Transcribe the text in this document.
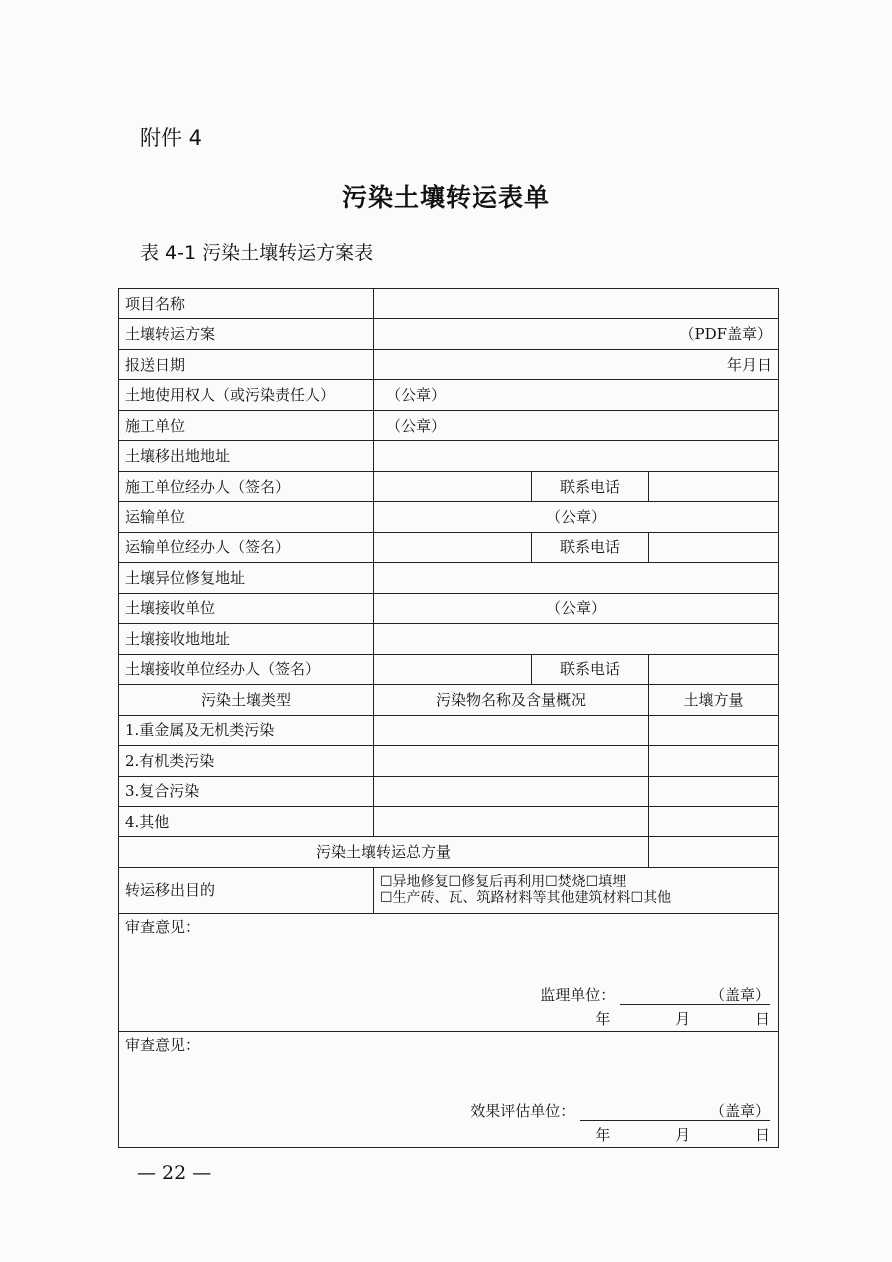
附件 4
污染土壤转运表单
表 4-1 污染土壤转运方案表
项目名称			
土壤转运方案	（PDF盖章）		
报送日期	年月日		
土地使用权人（或污染责任人）	（公章）		
施工单位	（公章）		
土壤移出地地址			
施工单位经办人（签名）		联系电话	
运输单位	（公章）		
运输单位经办人（签名）		联系电话	
土壤异位修复地址			
土壤接收单位	（公章）		
土壤接收地地址			
土壤接收单位经办人（签名）		联系电话	
污染土壤类型	污染物名称及含量概况		土壤方量
1.重金属及无机类污染			
2.有机类污染			
3.复合污染			
4.其他			
污染土壤转运总方量			
转运移出目的	☐异地修复☐修复后再利用☐焚烧☐填埋
☐生产砖、瓦、筑路材料等其他建筑材料☐其他		

审查意见：
监理单位： （盖章）
年 月 日			

审查意见：
效果评估单位： （盖章）
年 月 日			
— 22 —
